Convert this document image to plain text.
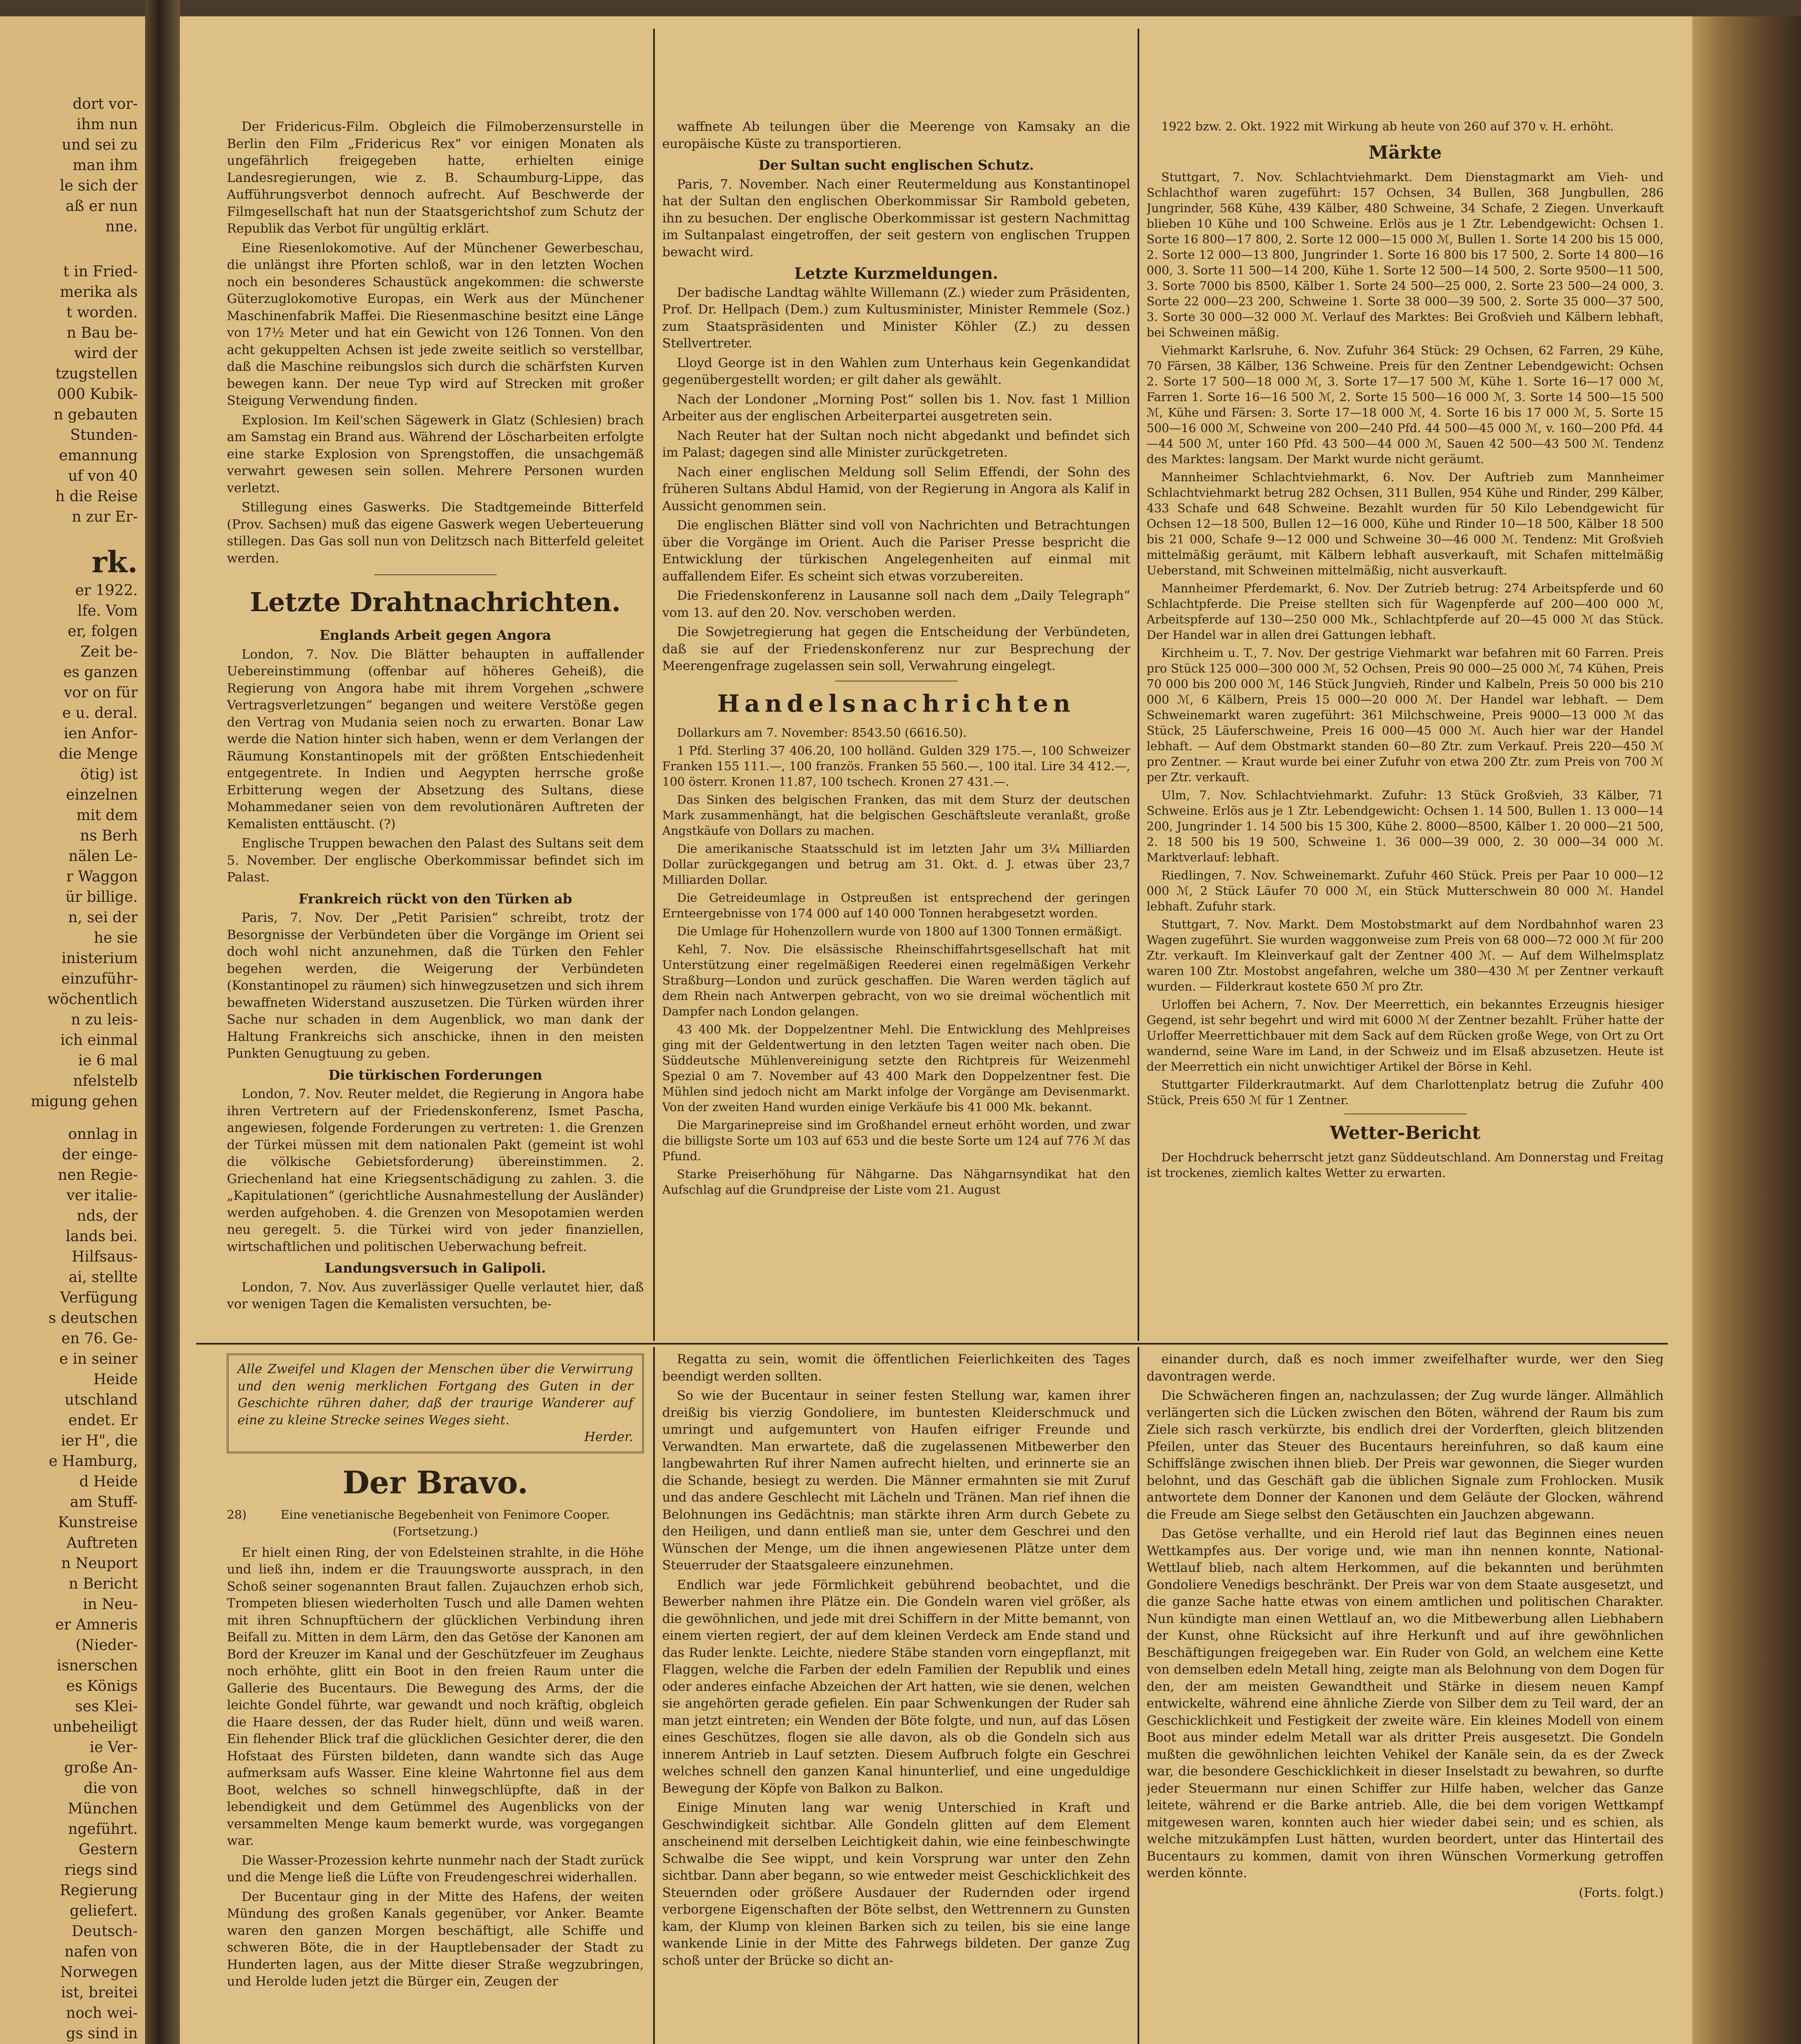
dort vor-
ihm nun
und sei zu
man ihm
le sich der
aß er nun
nne.
t in Fried-
merika als
t worden.
n Bau be-
wird der
tzugstellen
000 Kubik-
n gebauten
Stunden-
emannung
uf von 40
h die Reise
n zur Er-
rk.
er 1922.
lfe. Vom
er, folgen
Zeit be-
es ganzen
vor on für
e u. deral.
ien Anfor-
die Menge
ötig) ist
einzelnen
mit dem
ns Berh
nälen Le-
r Waggon
ür billige.
n, sei der
he sie
inisterium
einzuführ-
wöchentlich
n zu leis-
ich einmal
ie 6 mal
nfelstelb
migung gehen
onnlag in
der einge-
nen Regie-
ver italie-
nds, der
lands bei.
Hilfsaus-
ai, stellte
Verfügung
s deutschen
en 76. Ge-
e in seiner
Heide
utschland
endet. Er
ier H", die
e Hamburg,
d Heide
am Stuff-
Kunstreise
Auftreten
n Neuport
n Bericht
in Neu-
er Amneris
(Nieder-
isnerschen
es Königs
ses Klei-
unbeheiligt
ie Ver-
große An-
die von
München
ngeführt.
Gestern
riegs sind
Regierung
geliefert.
Deutsch-
nafen von
Norwegen
ist, breitei
noch wei-
gs sind in

Der Fridericus-Film. Obgleich die Filmoberzensurstelle in Berlin den Film „Fridericus Rex“ vor einigen Monaten als ungefährlich freigegeben hatte, erhielten einige Landesregierungen, wie z. B. Schaumburg-Lippe, das Aufführungsverbot dennoch aufrecht. Auf Beschwerde der Filmgesellschaft hat nun der Staatsgerichtshof zum Schutz der Republik das Verbot für ungültig erklärt.

Eine Riesenlokomotive. Auf der Münchener Gewerbeschau, die unlängst ihre Pforten schloß, war in den letzten Wochen noch ein besonderes Schaustück angekommen: die schwerste Güterzuglokomotive Europas, ein Werk aus der Münchener Maschinenfabrik Maffei. Die Riesenmaschine besitzt eine Länge von 17½ Meter und hat ein Gewicht von 126 Tonnen. Von den acht gekuppelten Achsen ist jede zweite seitlich so verstellbar, daß die Maschine reibungslos sich durch die schärfsten Kurven bewegen kann. Der neue Typ wird auf Strecken mit großer Steigung Verwendung finden.

Explosion. Im Keil'schen Sägewerk in Glatz (Schlesien) brach am Samstag ein Brand aus. Während der Löscharbeiten erfolgte eine starke Explosion von Sprengstoffen, die unsachgemäß verwahrt gewesen sein sollen. Mehrere Personen wurden verletzt.

Stillegung eines Gaswerks. Die Stadtgemeinde Bitterfeld (Prov. Sachsen) muß das eigene Gaswerk wegen Ueberteuerung stillegen. Das Gas soll nun von Delitzsch nach Bitterfeld geleitet werden.

Letzte Drahtnachrichten.
Englands Arbeit gegen Angora

London, 7. Nov. Die Blätter behaupten in auffallender Uebereinstimmung (offenbar auf höheres Geheiß), die Regierung von Angora habe mit ihrem Vorgehen „schwere Vertragsverletzungen“ begangen und weitere Verstöße gegen den Vertrag von Mudania seien noch zu erwarten. Bonar Law werde die Nation hinter sich haben, wenn er dem Verlangen der Räumung Konstantinopels mit der größten Entschiedenheit entgegentrete. In Indien und Aegypten herrsche große Erbitterung wegen der Absetzung des Sultans, diese Mohammedaner seien von dem revolutionären Auftreten der Kemalisten enttäuscht. (?)

Englische Truppen bewachen den Palast des Sultans seit dem 5. November. Der englische Oberkommissar befindet sich im Palast.

Frankreich rückt von den Türken ab

Paris, 7. Nov. Der „Petit Parisien“ schreibt, trotz der Besorgnisse der Verbündeten über die Vorgänge im Orient sei doch wohl nicht anzunehmen, daß die Türken den Fehler begehen werden, die Weigerung der Verbündeten (Konstantinopel zu räumen) sich hinwegzusetzen und sich ihrem bewaffneten Widerstand auszusetzen. Die Türken würden ihrer Sache nur schaden in dem Augenblick, wo man dank der Haltung Frankreichs sich anschicke, ihnen in den meisten Punkten Genugtuung zu geben.

Die türkischen Forderungen

London, 7. Nov. Reuter meldet, die Regierung in Angora habe ihren Vertretern auf der Friedenskonferenz, Ismet Pascha, angewiesen, folgende Forderungen zu vertreten: 1. die Grenzen der Türkei müssen mit dem nationalen Pakt (gemeint ist wohl die völkische Gebietsforderung) übereinstimmen. 2. Griechenland hat eine Kriegsentschädigung zu zahlen. 3. die „Kapitulationen“ (gerichtliche Ausnahmestellung der Ausländer) werden aufgehoben. 4. die Grenzen von Mesopotamien werden neu geregelt. 5. die Türkei wird von jeder finanziellen, wirtschaftlichen und politischen Ueberwachung befreit.

Landungsversuch in Galipoli.

London, 7. Nov. Aus zuverlässiger Quelle verlautet hier, daß vor wenigen Tagen die Kemalisten versuchten, be-

waffnete Ab teilungen über die Meerenge von Kamsaky an die europäische Küste zu transportieren.

Der Sultan sucht englischen Schutz.

Paris, 7. November. Nach einer Reutermeldung aus Konstantinopel hat der Sultan den englischen Oberkommissar Sir Rambold gebeten, ihn zu besuchen. Der englische Oberkommissar ist gestern Nachmittag im Sultanpalast eingetroffen, der seit gestern von englischen Truppen bewacht wird.

Letzte Kurzmeldungen.

Der badische Landtag wählte Willemann (Z.) wieder zum Präsidenten, Prof. Dr. Hellpach (Dem.) zum Kultusminister, Minister Remmele (Soz.) zum Staatspräsidenten und Minister Köhler (Z.) zu dessen Stellvertreter.

Lloyd George ist in den Wahlen zum Unterhaus kein Gegenkandidat gegenübergestellt worden; er gilt daher als gewählt.

Nach der Londoner „Morning Post“ sollen bis 1. Nov. fast 1 Million Arbeiter aus der englischen Arbeiterpartei ausgetreten sein.

Nach Reuter hat der Sultan noch nicht abgedankt und befindet sich im Palast; dagegen sind alle Minister zurückgetreten.

Nach einer englischen Meldung soll Selim Effendi, der Sohn des früheren Sultans Abdul Hamid, von der Regierung in Angora als Kalif in Aussicht genommen sein.

Die englischen Blätter sind voll von Nachrichten und Betrachtungen über die Vorgänge im Orient. Auch die Pariser Presse bespricht die Entwicklung der türkischen Angelegenheiten auf einmal mit auffallendem Eifer. Es scheint sich etwas vorzubereiten.

Die Friedenskonferenz in Lausanne soll nach dem „Daily Telegraph“ vom 13. auf den 20. Nov. verschoben werden.

Die Sowjetregierung hat gegen die Entscheidung der Verbündeten, daß sie auf der Friedenskonferenz nur zur Besprechung der Meerengenfrage zugelassen sein soll, Verwahrung eingelegt.

Handelsnachrichten

Dollarkurs am 7. November: 8543.50 (6616.50).

1 Pfd. Sterling 37 406.20, 100 holländ. Gulden 329 175.—, 100 Schweizer Franken 155 111.—, 100 französ. Franken 55 560.—, 100 ital. Lire 34 412.—, 100 österr. Kronen 11.87, 100 tschech. Kronen 27 431.—.

Das Sinken des belgischen Franken, das mit dem Sturz der deutschen Mark zusammenhängt, hat die belgischen Geschäftsleute veranlaßt, große Angstkäufe von Dollars zu machen.

Die amerikanische Staatsschuld ist im letzten Jahr um 3¼ Milliarden Dollar zurückgegangen und betrug am 31. Okt. d. J. etwas über 23,7 Milliarden Dollar.

Die Getreideumlage in Ostpreußen ist entsprechend der geringen Ernteergebnisse von 174 000 auf 140 000 Tonnen herabgesetzt worden.

Die Umlage für Hohenzollern wurde von 1800 auf 1300 Tonnen ermäßigt.

Kehl, 7. Nov. Die elsässische Rheinschiffahrtsgesellschaft hat mit Unterstützung einer regelmäßigen Reederei einen regelmäßigen Verkehr Straßburg—London und zurück geschaffen. Die Waren werden täglich auf dem Rhein nach Antwerpen gebracht, von wo sie dreimal wöchentlich mit Dampfer nach London gelangen.

43 400 Mk. der Doppelzentner Mehl. Die Entwicklung des Mehlpreises ging mit der Geldentwertung in den letzten Tagen weiter nach oben. Die Süddeutsche Mühlenvereinigung setzte den Richtpreis für Weizenmehl Spezial 0 am 7. November auf 43 400 Mark den Doppelzentner fest. Die Mühlen sind jedoch nicht am Markt infolge der Vorgänge am Devisenmarkt. Von der zweiten Hand wurden einige Verkäufe bis 41 000 Mk. bekannt.

Die Margarinepreise sind im Großhandel erneut erhöht worden, und zwar die billigste Sorte um 103 auf 653 und die beste Sorte um 124 auf 776 ℳ das Pfund.

Starke Preiserhöhung für Nähgarne. Das Nähgarnsyndikat hat den Aufschlag auf die Grundpreise der Liste vom 21. August

1922 bzw. 2. Okt. 1922 mit Wirkung ab heute von 260 auf 370 v. H. erhöht.

Märkte

Stuttgart, 7. Nov. Schlachtviehmarkt. Dem Dienstagmarkt am Vieh- und Schlachthof waren zugeführt: 157 Ochsen, 34 Bullen, 368 Jungbullen, 286 Jungrinder, 568 Kühe, 439 Kälber, 480 Schweine, 34 Schafe, 2 Ziegen. Unverkauft blieben 10 Kühe und 100 Schweine. Erlös aus je 1 Ztr. Lebendgewicht: Ochsen 1. Sorte 16 800—17 800, 2. Sorte 12 000—15 000 ℳ, Bullen 1. Sorte 14 200 bis 15 000, 2. Sorte 12 000—13 800, Jungrinder 1. Sorte 16 800 bis 17 500, 2. Sorte 14 800—16 000, 3. Sorte 11 500—14 200, Kühe 1. Sorte 12 500—14 500, 2. Sorte 9500—11 500, 3. Sorte 7000 bis 8500, Kälber 1. Sorte 24 500—25 000, 2. Sorte 23 500—24 000, 3. Sorte 22 000—23 200, Schweine 1. Sorte 38 000—39 500, 2. Sorte 35 000—37 500, 3. Sorte 30 000—32 000 ℳ. Verlauf des Marktes: Bei Großvieh und Kälbern lebhaft, bei Schweinen mäßig.

Viehmarkt Karlsruhe, 6. Nov. Zufuhr 364 Stück: 29 Ochsen, 62 Farren, 29 Kühe, 70 Färsen, 38 Kälber, 136 Schweine. Preis für den Zentner Lebendgewicht: Ochsen 2. Sorte 17 500—18 000 ℳ, 3. Sorte 17—17 500 ℳ, Kühe 1. Sorte 16—17 000 ℳ, Farren 1. Sorte 16—16 500 ℳ, 2. Sorte 15 500—16 000 ℳ, 3. Sorte 14 500—15 500 ℳ, Kühe und Färsen: 3. Sorte 17—18 000 ℳ, 4. Sorte 16 bis 17 000 ℳ, 5. Sorte 15 500—16 000 ℳ, Schweine von 200—240 Pfd. 44 500—45 000 ℳ, v. 160—200 Pfd. 44—44 500 ℳ, unter 160 Pfd. 43 500—44 000 ℳ, Sauen 42 500—43 500 ℳ. Tendenz des Marktes: langsam. Der Markt wurde nicht geräumt.

Mannheimer Schlachtviehmarkt, 6. Nov. Der Auftrieb zum Mannheimer Schlachtviehmarkt betrug 282 Ochsen, 311 Bullen, 954 Kühe und Rinder, 299 Kälber, 433 Schafe und 648 Schweine. Bezahlt wurden für 50 Kilo Lebendgewicht für Ochsen 12—18 500, Bullen 12—16 000, Kühe und Rinder 10—18 500, Kälber 18 500 bis 21 000, Schafe 9—12 000 und Schweine 30—46 000 ℳ. Tendenz: Mit Großvieh mittelmäßig geräumt, mit Kälbern lebhaft ausverkauft, mit Schafen mittelmäßig Ueberstand, mit Schweinen mittelmäßig, nicht ausverkauft.

Mannheimer Pferdemarkt, 6. Nov. Der Zutrieb betrug: 274 Arbeitspferde und 60 Schlachtpferde. Die Preise stellten sich für Wagenpferde auf 200—400 000 ℳ, Arbeitspferde auf 130—250 000 Mk., Schlachtpferde auf 20—45 000 ℳ das Stück. Der Handel war in allen drei Gattungen lebhaft.

Kirchheim u. T., 7. Nov. Der gestrige Viehmarkt war befahren mit 60 Farren. Preis pro Stück 125 000—300 000 ℳ, 52 Ochsen, Preis 90 000—25 000 ℳ, 74 Kühen, Preis 70 000 bis 200 000 ℳ, 146 Stück Jungvieh, Rinder und Kalbeln, Preis 50 000 bis 210 000 ℳ, 6 Kälbern, Preis 15 000—20 000 ℳ. Der Handel war lebhaft. — Dem Schweinemarkt waren zugeführt: 361 Milchschweine, Preis 9000—13 000 ℳ das Stück, 25 Läuferschweine, Preis 16 000—45 000 ℳ. Auch hier war der Handel lebhaft. — Auf dem Obstmarkt standen 60—80 Ztr. zum Verkauf. Preis 220—450 ℳ pro Zentner. — Kraut wurde bei einer Zufuhr von etwa 200 Ztr. zum Preis von 700 ℳ per Ztr. verkauft.

Ulm, 7. Nov. Schlachtviehmarkt. Zufuhr: 13 Stück Großvieh, 33 Kälber, 71 Schweine. Erlös aus je 1 Ztr. Lebendgewicht: Ochsen 1. 14 500, Bullen 1. 13 000—14 200, Jungrinder 1. 14 500 bis 15 300, Kühe 2. 8000—8500, Kälber 1. 20 000—21 500, 2. 18 500 bis 19 500, Schweine 1. 36 000—39 000, 2. 30 000—34 000 ℳ. Marktverlauf: lebhaft.

Riedlingen, 7. Nov. Schweinemarkt. Zufuhr 460 Stück. Preis per Paar 10 000—12 000 ℳ, 2 Stück Läufer 70 000 ℳ, ein Stück Mutterschwein 80 000 ℳ. Handel lebhaft. Zufuhr stark.

Stuttgart, 7. Nov. Markt. Dem Mostobstmarkt auf dem Nordbahnhof waren 23 Wagen zugeführt. Sie wurden waggonweise zum Preis von 68 000—72 000 ℳ für 200 Ztr. verkauft. Im Kleinverkauf galt der Zentner 400 ℳ. — Auf dem Wilhelmsplatz waren 100 Ztr. Mostobst angefahren, welche um 380—430 ℳ per Zentner verkauft wurden. — Filderkraut kostete 650 ℳ pro Ztr.

Urloffen bei Achern, 7. Nov. Der Meerrettich, ein bekanntes Erzeugnis hiesiger Gegend, ist sehr begehrt und wird mit 6000 ℳ der Zentner bezahlt. Früher hatte der Urloffer Meerrettichbauer mit dem Sack auf dem Rücken große Wege, von Ort zu Ort wandernd, seine Ware im Land, in der Schweiz und im Elsaß abzusetzen. Heute ist der Meerrettich ein nicht unwichtiger Artikel der Börse in Kehl.

Stuttgarter Filderkrautmarkt. Auf dem Charlottenplatz betrug die Zufuhr 400 Stück, Preis 650 ℳ für 1 Zentner.

Wetter-Bericht

Der Hochdruck beherrscht jetzt ganz Süddeutschland. Am Donnerstag und Freitag ist trockenes, ziemlich kaltes Wetter zu erwarten.

Alle Zweifel und Klagen der Menschen über die Verwirrung und den wenig merklichen Fortgang des Guten in der Geschichte rühren daher, daß der traurige Wanderer auf eine zu kleine Strecke seines Weges sieht.
Herder.
Der Bravo.
28)	Eine venetianische Begebenheit von Fenimore Cooper.
(Fortsetzung.)

Er hielt einen Ring, der von Edelsteinen strahlte, in die Höhe und ließ ihn, indem er die Trauungsworte aussprach, in den Schoß seiner sogenannten Braut fallen. Zujauchzen erhob sich, Trompeten bliesen wiederholten Tusch und alle Damen wehten mit ihren Schnupftüchern der glücklichen Verbindung ihren Beifall zu. Mitten in dem Lärm, den das Getöse der Kanonen am Bord der Kreuzer im Kanal und der Geschützfeuer im Zeughaus noch erhöhte, glitt ein Boot in den freien Raum unter die Gallerie des Bucentaurs. Die Bewegung des Arms, der die leichte Gondel führte, war gewandt und noch kräftig, obgleich die Haare dessen, der das Ruder hielt, dünn und weiß waren. Ein flehender Blick traf die glücklichen Gesichter derer, die den Hofstaat des Fürsten bildeten, dann wandte sich das Auge aufmerksam aufs Wasser. Eine kleine Wahrtonne fiel aus dem Boot, welches so schnell hinwegschlüpfte, daß in der lebendigkeit und dem Getümmel des Augenblicks von der versammelten Menge kaum bemerkt wurde, was vorgegangen war.

Die Wasser-Prozession kehrte nunmehr nach der Stadt zurück und die Menge ließ die Lüfte von Freudengeschrei widerhallen.

Der Bucentaur ging in der Mitte des Hafens, der weiten Mündung des großen Kanals gegenüber, vor Anker. Beamte waren den ganzen Morgen beschäftigt, alle Schiffe und schweren Böte, die in der Hauptlebensader der Stadt zu Hunderten lagen, aus der Mitte dieser Straße wegzubringen, und Herolde luden jetzt die Bürger ein, Zeugen der

Regatta zu sein, womit die öffentlichen Feierlichkeiten des Tages beendigt werden sollten.

So wie der Bucentaur in seiner festen Stellung war, kamen ihrer dreißig bis vierzig Gondoliere, im buntesten Kleiderschmuck und umringt und aufgemuntert von Haufen eifriger Freunde und Verwandten. Man erwartete, daß die zugelassenen Mitbewerber den langbewahrten Ruf ihrer Namen aufrecht hielten, und erinnerte sie an die Schande, besiegt zu werden. Die Männer ermahnten sie mit Zuruf und das andere Geschlecht mit Lächeln und Tränen. Man rief ihnen die Belohnungen ins Gedächtnis; man stärkte ihren Arm durch Gebete zu den Heiligen, und dann entließ man sie, unter dem Geschrei und den Wünschen der Menge, um die ihnen angewiesenen Plätze unter dem Steuerruder der Staatsgaleere einzunehmen.

Endlich war jede Förmlichkeit gebührend beobachtet, und die Bewerber nahmen ihre Plätze ein. Die Gondeln waren viel größer, als die gewöhnlichen, und jede mit drei Schiffern in der Mitte bemannt, von einem vierten regiert, der auf dem kleinen Verdeck am Ende stand und das Ruder lenkte. Leichte, niedere Stäbe standen vorn eingepflanzt, mit Flaggen, welche die Farben der edeln Familien der Republik und eines oder anderes einfache Abzeichen der Art hatten, wie sie denen, welchen sie angehörten gerade gefielen. Ein paar Schwenkungen der Ruder sah man jetzt eintreten; ein Wenden der Böte folgte, und nun, auf das Lösen eines Geschützes, flogen sie alle davon, als ob die Gondeln sich aus innerem Antrieb in Lauf setzten. Diesem Aufbruch folgte ein Geschrei welches schnell den ganzen Kanal hinunterlief, und eine ungeduldige Bewegung der Köpfe von Balkon zu Balkon.

Einige Minuten lang war wenig Unterschied in Kraft und Geschwindigkeit sichtbar. Alle Gondeln glitten auf dem Element anscheinend mit derselben Leichtigkeit dahin, wie eine feinbeschwingte Schwalbe die See wippt, und kein Vorsprung war unter den Zehn sichtbar. Dann aber begann, so wie entweder meist Geschicklichkeit des Steuernden oder größere Ausdauer der Rudernden oder irgend verborgene Eigenschaften der Böte selbst, den Wettrennern zu Gunsten kam, der Klump von kleinen Barken sich zu teilen, bis sie eine lange wankende Linie in der Mitte des Fahrwegs bildeten. Der ganze Zug schoß unter der Brücke so dicht an-

einander durch, daß es noch immer zweifelhafter wurde, wer den Sieg davontragen werde.

Die Schwächeren fingen an, nachzulassen; der Zug wurde länger. Allmählich verlängerten sich die Lücken zwischen den Böten, während der Raum bis zum Ziele sich rasch verkürzte, bis endlich drei der Vorderften, gleich blitzenden Pfeilen, unter das Steuer des Bucentaurs hereinfuhren, so daß kaum eine Schiffslänge zwischen ihnen blieb. Der Preis war gewonnen, die Sieger wurden belohnt, und das Geschäft gab die üblichen Signale zum Frohlocken. Musik antwortete dem Donner der Kanonen und dem Geläute der Glocken, während die Freude am Siege selbst den Getäuschten ein Jauchzen abgewann.

Das Getöse verhallte, und ein Herold rief laut das Beginnen eines neuen Wettkampfes aus. Der vorige und, wie man ihn nennen konnte, National-Wettlauf blieb, nach altem Herkommen, auf die bekannten und berühmten Gondoliere Venedigs beschränkt. Der Preis war von dem Staate ausgesetzt, und die ganze Sache hatte etwas von einem amtlichen und politischen Charakter. Nun kündigte man einen Wettlauf an, wo die Mitbewerbung allen Liebhabern der Kunst, ohne Rücksicht auf ihre Herkunft und auf ihre gewöhnlichen Beschäftigungen freigegeben war. Ein Ruder von Gold, an welchem eine Kette von demselben edeln Metall hing, zeigte man als Belohnung von dem Dogen für den, der am meisten Gewandtheit und Stärke in diesem neuen Kampf entwickelte, während eine ähnliche Zierde von Silber dem zu Teil ward, der an Geschicklichkeit und Festigkeit der zweite wäre. Ein kleines Modell von einem Boot aus minder edelm Metall war als dritter Preis ausgesetzt. Die Gondeln mußten die gewöhnlichen leichten Vehikel der Kanäle sein, da es der Zweck war, die besondere Geschicklichkeit in dieser Inselstadt zu bewahren, so durfte jeder Steuermann nur einen Schiffer zur Hilfe haben, welcher das Ganze leitete, während er die Barke antrieb. Alle, die bei dem vorigen Wettkampf mitgewesen waren, konnten auch hier wieder dabei sein; und es schien, als welche mitzukämpfen Lust hätten, wurden beordert, unter das Hintertail des Bucentaurs zu kommen, damit von ihren Wünschen Vormerkung getroffen werden könnte.

(Forts. folgt.)
